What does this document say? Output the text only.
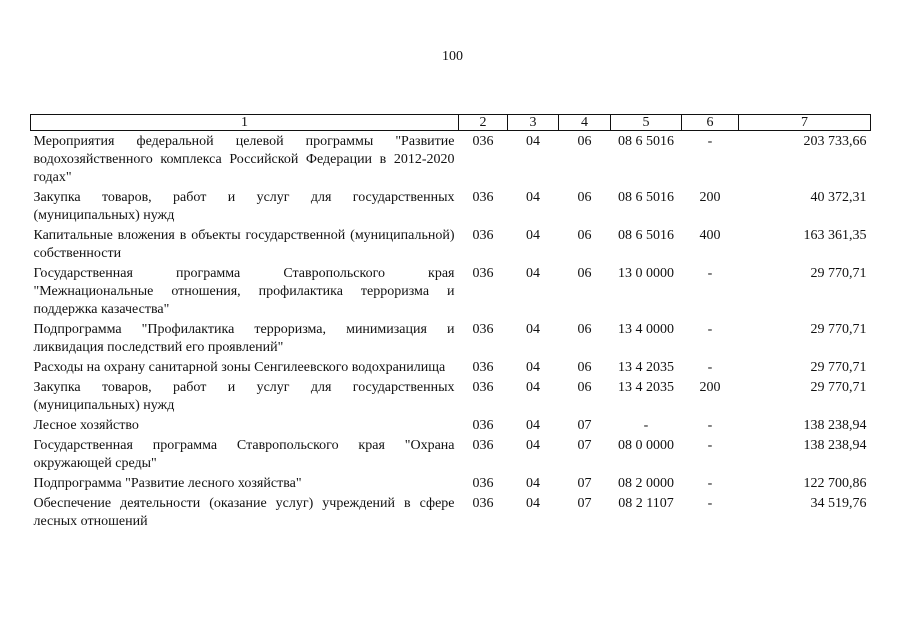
100
1	2	3	4	5	6	7
Мероприятия федеральной целевой программы "Развитие водохозяйственного комплекса Российской Федерации в 2012-2020 годах"	036	04	06	08 6 5016	-	203 733,66
Закупка товаров, работ и услуг для государственных (муниципальных) нужд	036	04	06	08 6 5016	200	40 372,31
Капитальные вложения в объекты государственной (муниципальной) собственности	036	04	06	08 6 5016	400	163 361,35
Государственная программа Ставропольского края "Межнациональные отношения, профилактика терроризма и поддержка казачества"	036	04	06	13 0 0000	-	29 770,71
Подпрограмма "Профилактика терроризма, минимизация и ликвидация последствий его проявлений"	036	04	06	13 4 0000	-	29 770,71
Расходы на охрану санитарной зоны Сенгилеевского водохранилища	036	04	06	13 4 2035	-	29 770,71
Закупка товаров, работ и услуг для государственных (муниципальных) нужд	036	04	06	13 4 2035	200	29 770,71
Лесное хозяйство	036	04	07	-	-	138 238,94
Государственная программа Ставропольского края "Охрана окружающей среды"	036	04	07	08 0 0000	-	138 238,94
Подпрограмма "Развитие лесного хозяйства"	036	04	07	08 2 0000	-	122 700,86
Обеспечение деятельности (оказание услуг) учреждений в сфере лесных отношений	036	04	07	08 2 1107	-	34 519,76
